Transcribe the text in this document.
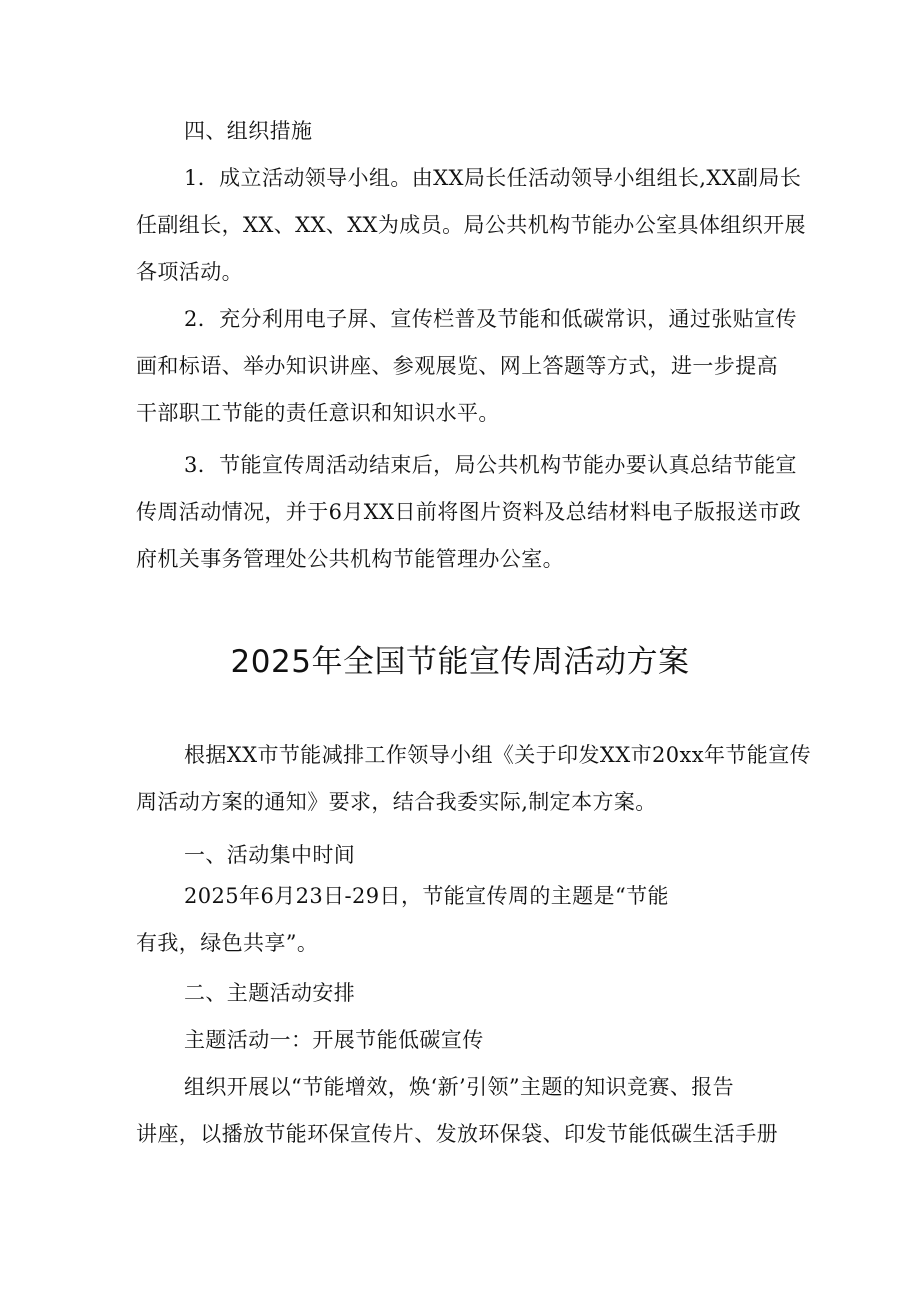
四、组织措施
1．成立活动领导小组。由XX局长任活动领导小组组长,XX副局长
任副组长，XX、XX、XX为成员。局公共机构节能办公室具体组织开展
各项活动。
2．充分利用电子屏、宣传栏普及节能和低碳常识，通过张贴宣传
画和标语、举办知识讲座、参观展览、网上答题等方式，进一步提高
干部职工节能的责任意识和知识水平。
3．节能宣传周活动结束后，局公共机构节能办要认真总结节能宣
传周活动情况，并于6月XX日前将图片资料及总结材料电子版报送市政
府机关事务管理处公共机构节能管理办公室。
2025年全国节能宣传周活动方案
根据XX市节能减排工作领导小组《关于印发XX市20xx年节能宣传
周活动方案的通知》要求，结合我委实际,制定本方案。
一、活动集中时间
2025年6月23日-29日，节能宣传周的主题是“节能
有我，绿色共享”。
二、主题活动安排
主题活动一：开展节能低碳宣传
组织开展以“节能增效，焕‘新’引领”主题的知识竞赛、报告
讲座，以播放节能环保宣传片、发放环保袋、印发节能低碳生活手册
